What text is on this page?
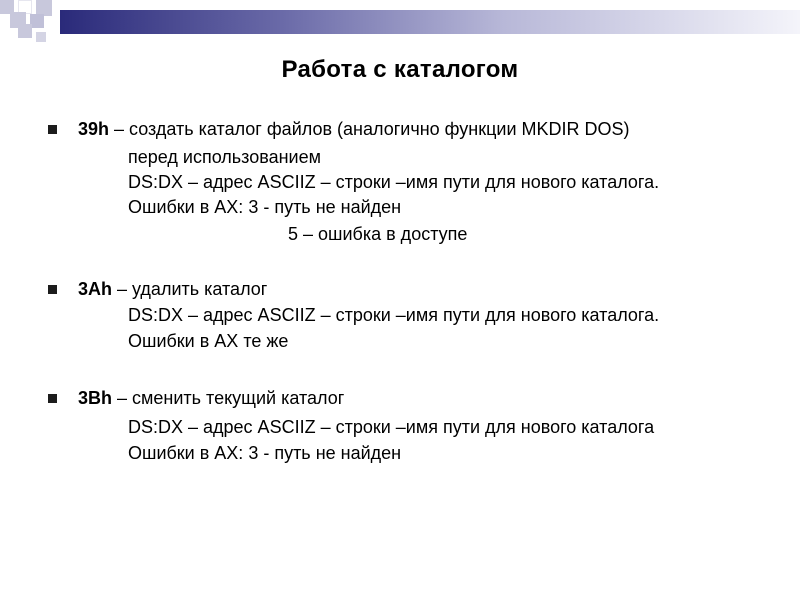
Работа с каталогом
39h – создать каталог файлов (аналогично функции MKDIR DOS)
перед использованием
DS:DX – адрес ASCIIZ – строки –имя пути для нового каталога.
Ошибки в AX: 3 - путь не найден
5 – ошибка в доступе
3Ah – удалить каталог
DS:DX – адрес ASCIIZ – строки –имя пути для нового каталога.
Ошибки в AX те же
3Bh – сменить текущий каталог
DS:DX – адрес ASCIIZ – строки –имя пути для нового каталога
Ошибки в AX: 3 - путь не найден
